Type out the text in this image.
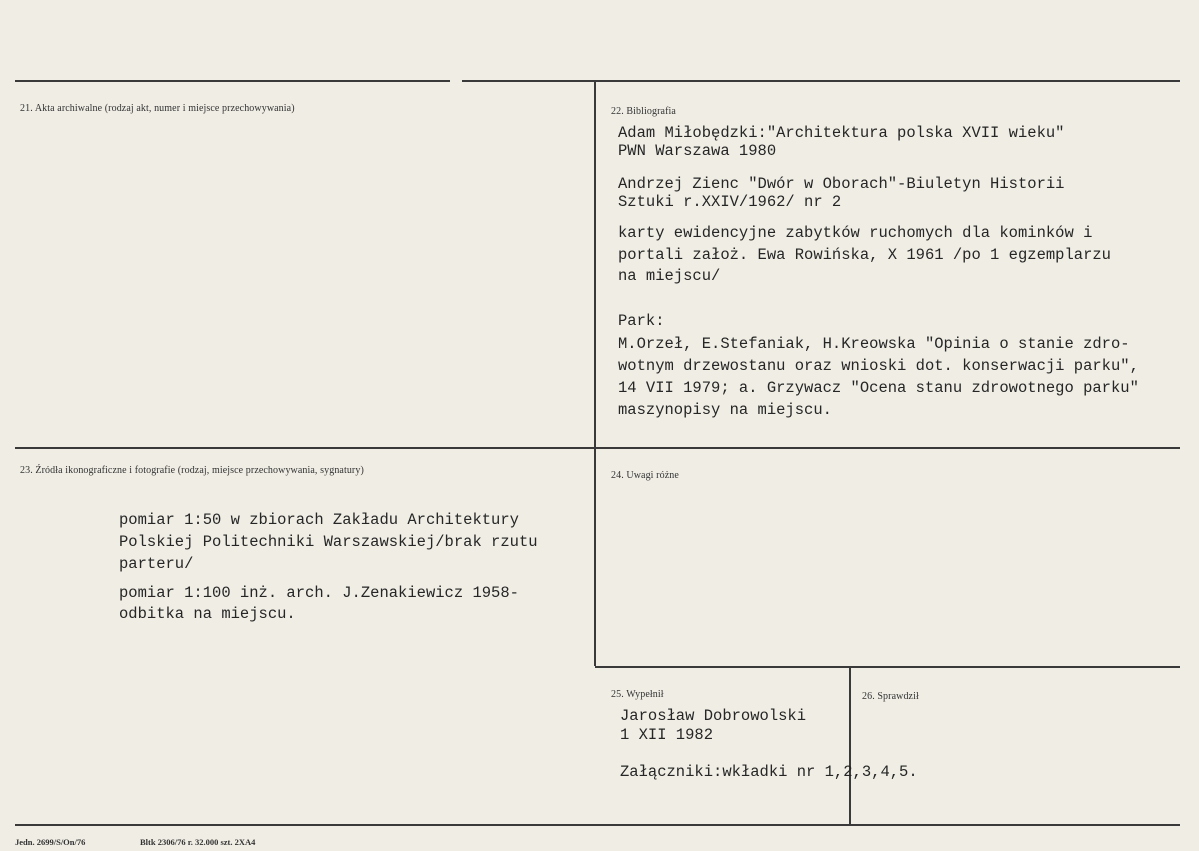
21. Akta archiwalne (rodzaj akt, numer i miejsce przechowywania)	22. Bibliografia
Adam Miłobędzki:"Architektura polska XVII wieku"
PWN Warszawa 1980
Andrzej Zienc "Dwór w Oborach"-Biuletyn Historii
Sztuki r.XXIV/1962/ nr 2
karty ewidencyjne zabytków ruchomych dla kominków i
portali założ. Ewa Rowińska, X 1961 /po 1 egzemplarzu
na miejscu/
Park:
M.Orzeł, E.Stefaniak, H.Kreowska "Opinia o stanie zdro-
wotnym drzewostanu oraz wnioski dot. konserwacji parku",
14 VII 1979; a. Grzywacz "Ocena stanu zdrowotnego parku"
maszynopisy na miejscu.
23. Źródła ikonograficzne i fotografie (rodzaj, miejsce przechowywania, sygnatury)
pomiar 1:50 w zbiorach Zakładu Architektury
Polskiej Politechniki Warszawskiej/brak rzutu
parteru/
pomiar 1:100 inż. arch. J.Zenakiewicz 1958-
odbitka na miejscu.
24. Uwagi różne
25. Wypełnił
Jarosław Dobrowolski
1 XII 1982
Załączniki:wkładki nr 1,2,3,4,5.
26. Sprawdził
Jedn. 2699/S/On/76	Bltk 2306/76 r. 32.000 szt. 2XA4
